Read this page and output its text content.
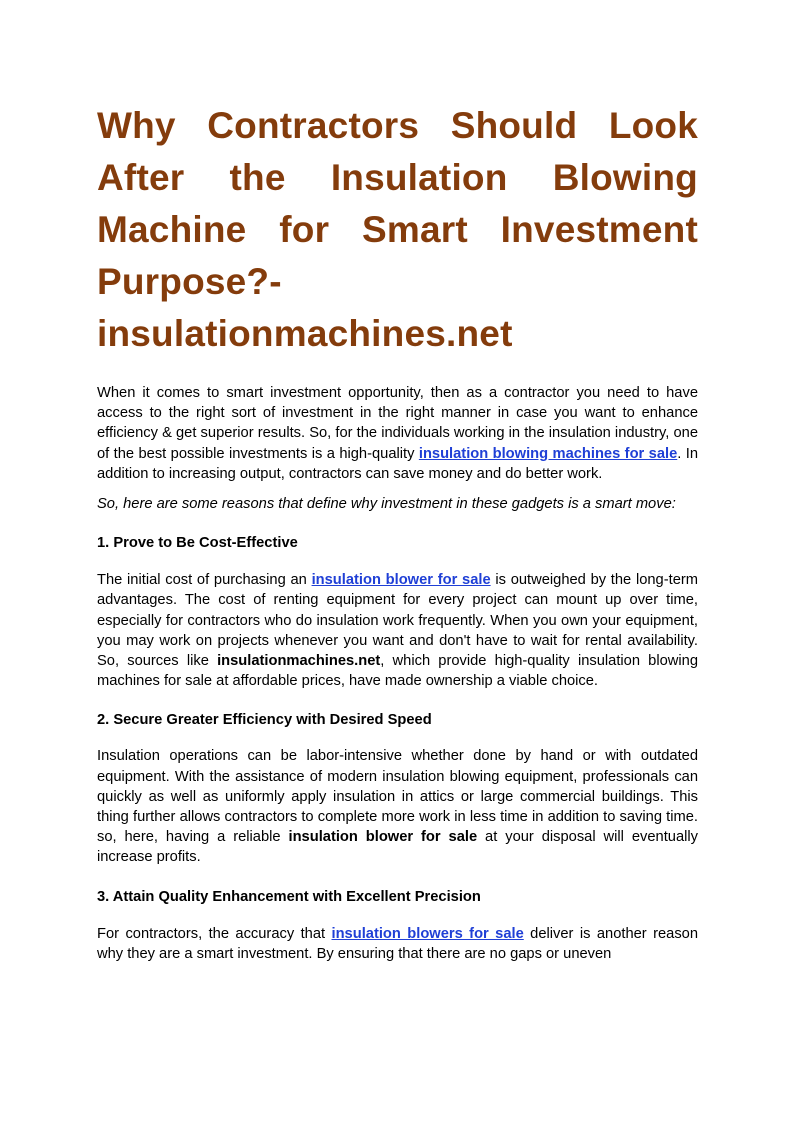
Why Contractors Should Look After the Insulation Blowing Machine for Smart Investment Purpose?- insulationmachines.net

When it comes to smart investment opportunity, then as a contractor you need to have access to the right sort of investment in the right manner in case you want to enhance efficiency & get superior results. So, for the individuals working in the insulation industry, one of the best possible investments is a high-quality insulation blowing machines for sale. In addition to increasing output, contractors can save money and do better work.

So, here are some reasons that define why investment in these gadgets is a smart move:

1. Prove to Be Cost-Effective

The initial cost of purchasing an insulation blower for sale is outweighed by the long-term advantages. The cost of renting equipment for every project can mount up over time, especially for contractors who do insulation work frequently. When you own your equipment, you may work on projects whenever you want and don't have to wait for rental availability. So, sources like insulationmachines.net, which provide high-quality insulation blowing machines for sale at affordable prices, have made ownership a viable choice.

2. Secure Greater Efficiency with Desired Speed

Insulation operations can be labor-intensive whether done by hand or with outdated equipment. With the assistance of modern insulation blowing equipment, professionals can quickly as well as uniformly apply insulation in attics or large commercial buildings. This thing further allows contractors to complete more work in less time in addition to saving time. so, here, having a reliable insulation blower for sale at your disposal will eventually increase profits.

3. Attain Quality Enhancement with Excellent Precision

For contractors, the accuracy that insulation blowers for sale deliver is another reason why they are a smart investment. By ensuring that there are no gaps or uneven
